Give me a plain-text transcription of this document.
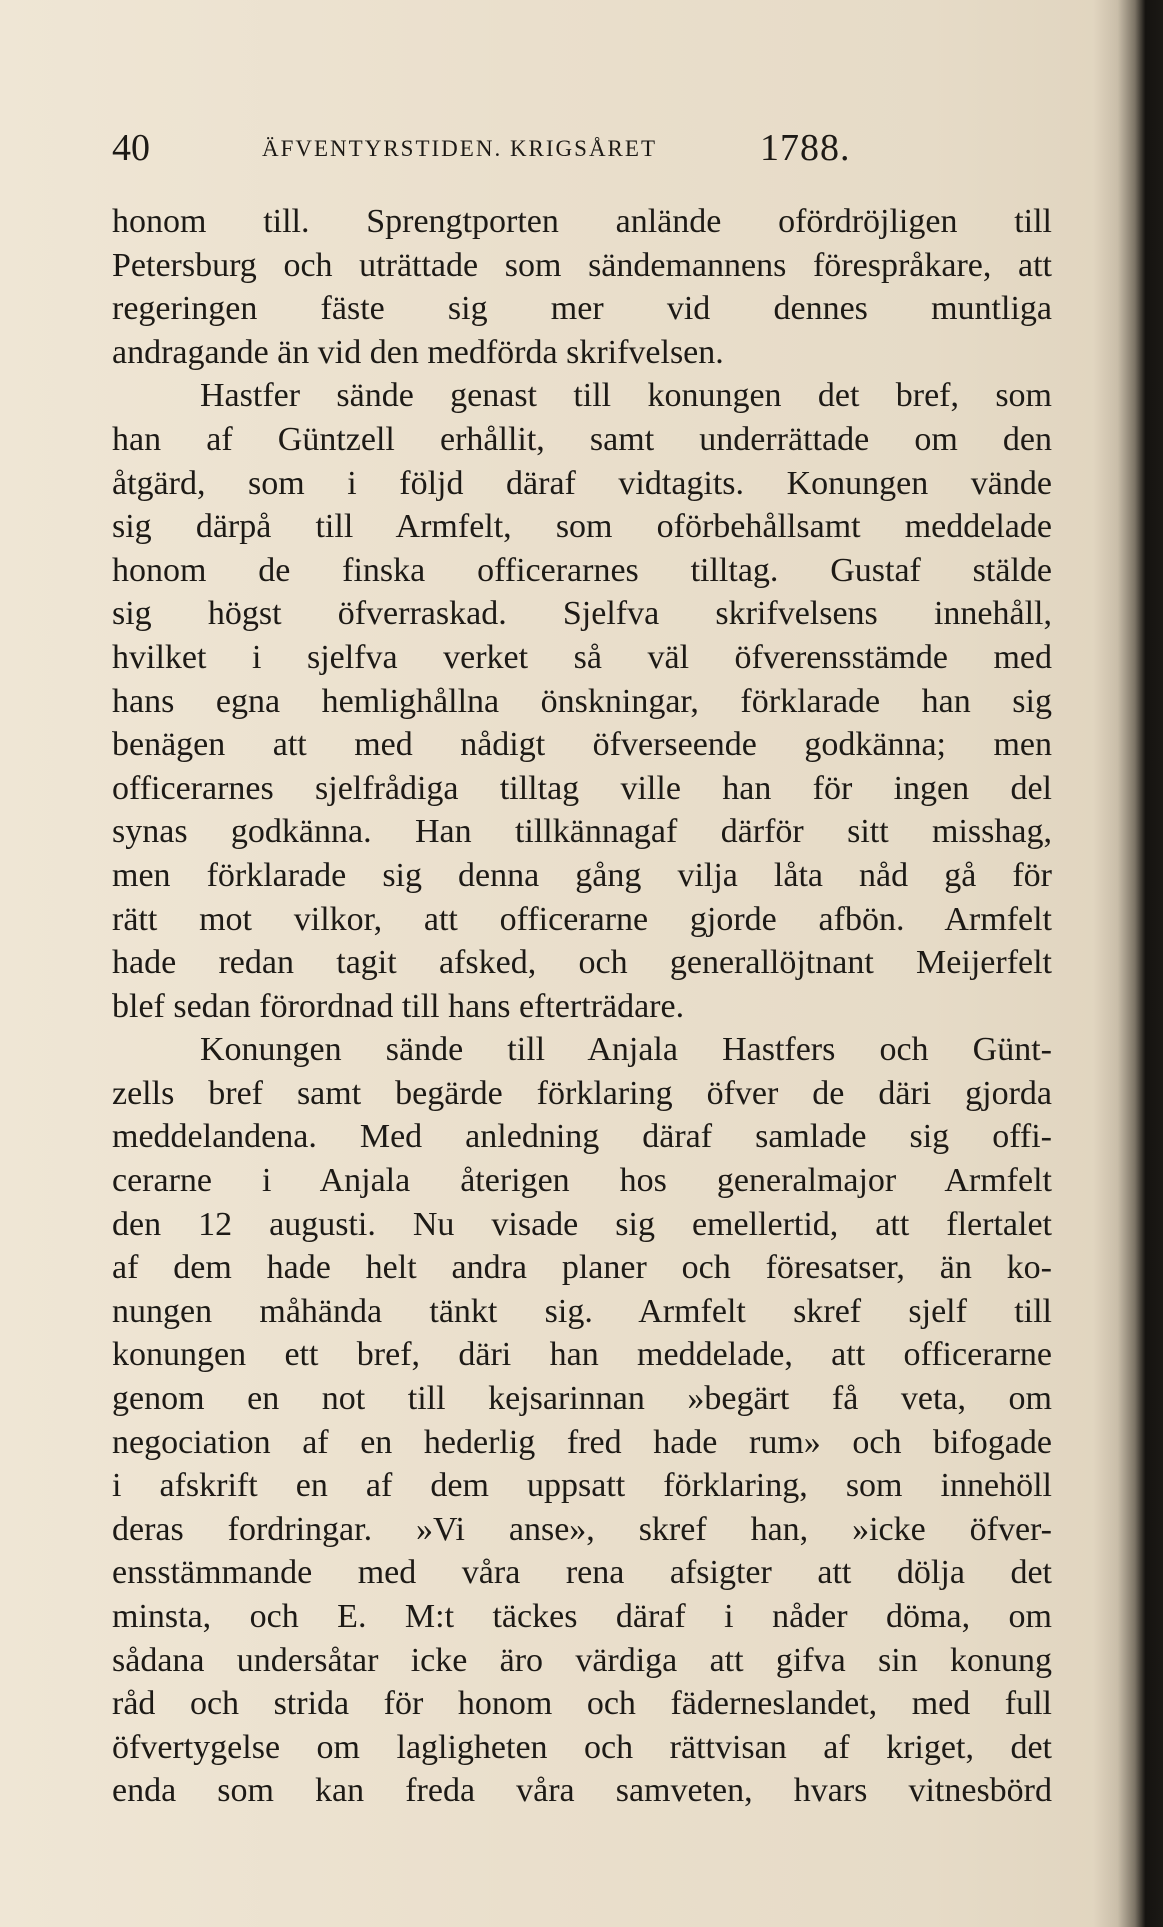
40	ÄFVENTYRSTIDEN. KRIGSÅRET	1788.
honom till. Sprengtporten anlände ofördröjligen till
Petersburg och uträttade som sändemannens förespråkare, att regeringen fäste sig mer vid dennes muntliga
andragande än vid den medförda skrifvelsen.
Hastfer sände genast till konungen det bref, som
han af Güntzell erhållit, samt underrättade om den
åtgärd, som i följd däraf vidtagits. Konungen vände
sig därpå till Armfelt, som oförbehållsamt meddelade
honom de finska officerarnes tilltag. Gustaf stälde
sig högst öfverraskad. Sjelfva skrifvelsens innehåll,
hvilket i sjelfva verket så väl öfverensstämde med
hans egna hemlighållna önskningar, förklarade han sig
benägen att med nådigt öfverseende godkänna; men
officerarnes sjelfrådiga tilltag ville han för ingen del
synas godkänna. Han tillkännagaf därför sitt misshag,
men förklarade sig denna gång vilja låta nåd gå för
rätt mot vilkor, att officerarne gjorde afbön. Armfelt
hade redan tagit afsked, och generallöjtnant Meijerfelt
blef sedan förordnad till hans efterträdare.
Konungen sände till Anjala Hastfers och Günt-
zells bref samt begärde förklaring öfver de däri gjorda
meddelandena. Med anledning däraf samlade sig offi-
cerarne i Anjala återigen hos generalmajor Armfelt
den 12 augusti. Nu visade sig emellertid, att flertalet
af dem hade helt andra planer och föresatser, än ko-
nungen måhända tänkt sig. Armfelt skref sjelf till
konungen ett bref, däri han meddelade, att officerarne
genom en not till kejsarinnan »begärt få veta, om
negociation af en hederlig fred hade rum» och bifogade
i afskrift en af dem uppsatt förklaring, som innehöll
deras fordringar. »Vi anse», skref han, »icke öfver-
ensstämmande med våra rena afsigter att dölja det
minsta, och E. M:t täckes däraf i nåder döma, om
sådana undersåtar icke äro värdiga att gifva sin konung
råd och strida för honom och fäderneslandet, med full
öfvertygelse om lagligheten och rättvisan af kriget, det
enda som kan freda våra samveten, hvars vitnesbörd
